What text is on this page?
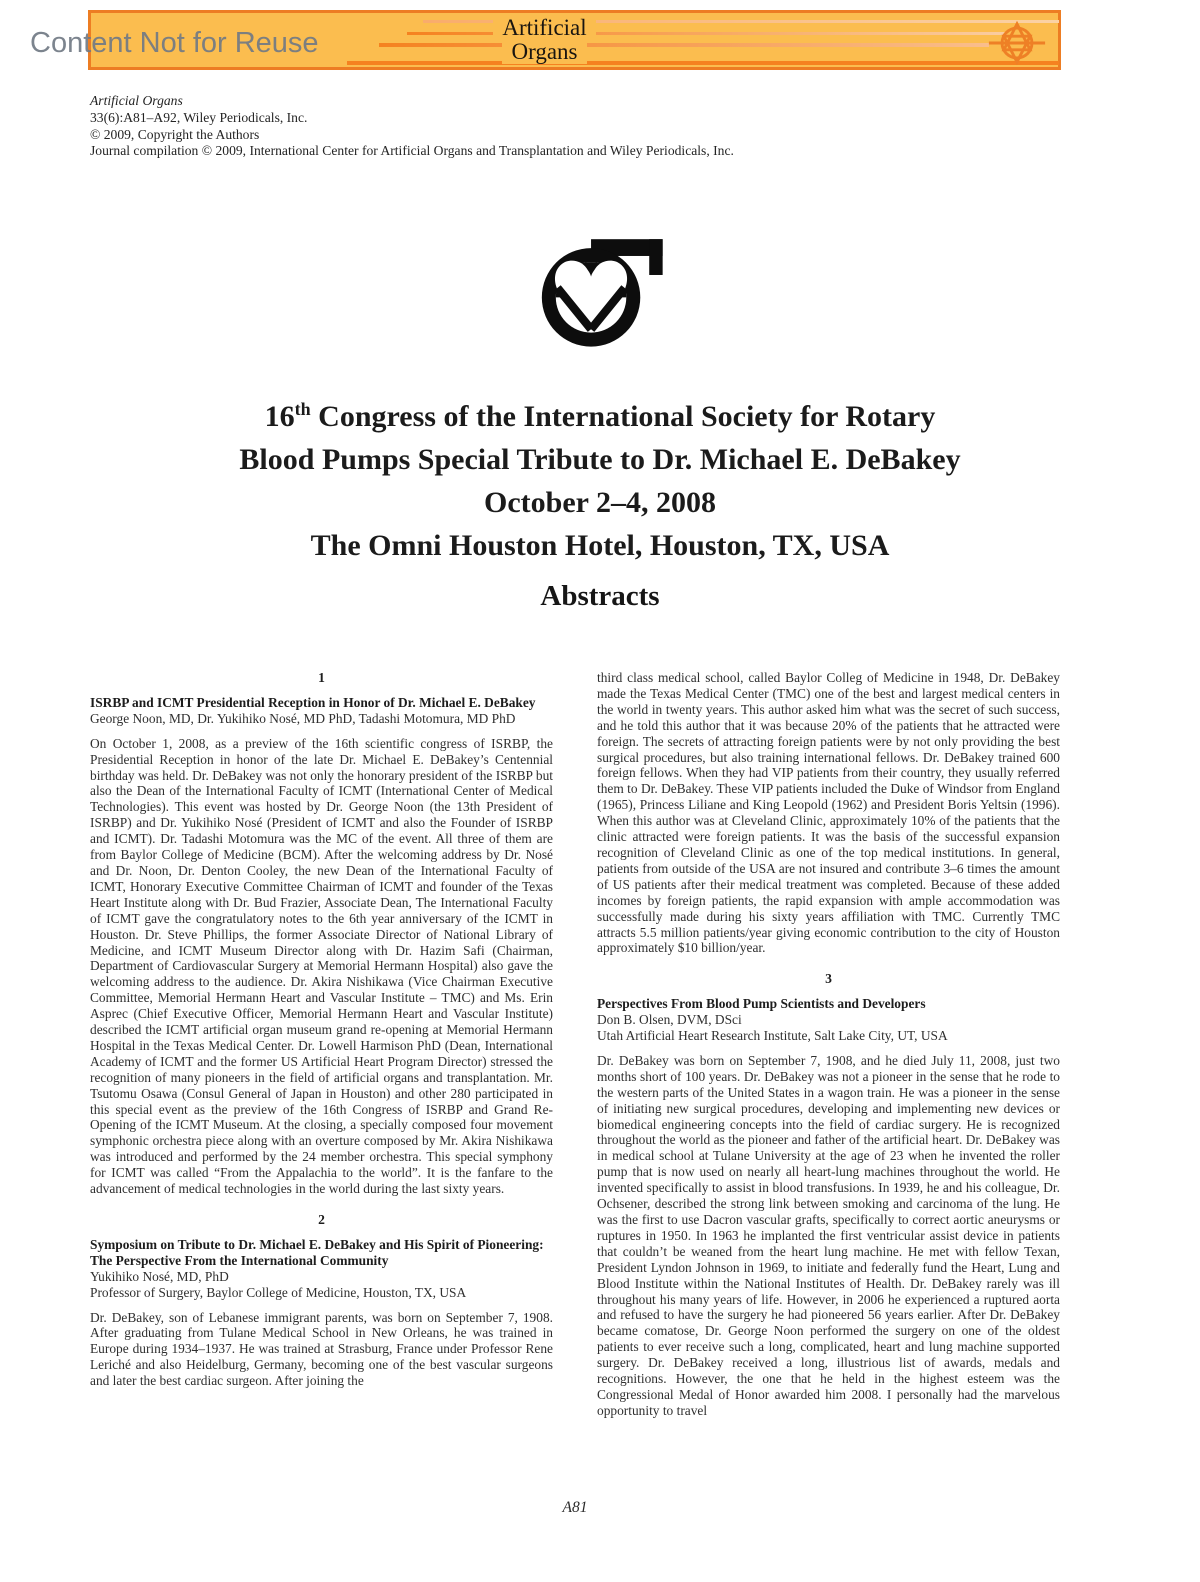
Artificial
Organs
Content Not for Reuse
Artificial Organs
33(6):A81–A92, Wiley Periodicals, Inc.
© 2009, Copyright the Authors
Journal compilation © 2009, International Center for Artificial Organs and Transplantation and Wiley Periodicals, Inc.
16th Congress of the International Society for Rotary
Blood Pumps Special Tribute to Dr. Michael E. DeBakey
October 2–4, 2008
The Omni Houston Hotel, Houston, TX, USA
Abstracts
1
ISRBP and ICMT Presidential Reception in Honor of Dr. Michael E. DeBakey
George Noon, MD, Dr. Yukihiko Nosé, MD PhD, Tadashi Motomura, MD PhD
On October 1, 2008, as a preview of the 16th scientific congress of ISRBP, the Presidential Reception in honor of the late Dr. Michael E. DeBakey’s Centennial birthday was held. Dr. DeBakey was not only the honorary president of the ISRBP but also the Dean of the International Faculty of ICMT (International Center of Medical Technologies). This event was hosted by Dr. George Noon (the 13th President of ISRBP) and Dr. Yukihiko Nosé (President of ICMT and also the Founder of ISRBP and ICMT). Dr. Tadashi Motomura was the MC of the event. All three of them are from Baylor College of Medicine (BCM). After the welcoming address by Dr. Nosé and Dr. Noon, Dr. Denton Cooley, the new Dean of the International Faculty of ICMT, Honorary Executive Committee Chairman of ICMT and founder of the Texas Heart Institute along with Dr. Bud Frazier, Associate Dean, The International Faculty of ICMT gave the congratulatory notes to the 6th year anniversary of the ICMT in Houston. Dr. Steve Phillips, the former Associate Director of National Library of Medicine, and ICMT Museum Director along with Dr. Hazim Safi (Chairman, Department of Cardiovascular Surgery at Memorial Hermann Hospital) also gave the welcoming address to the audience. Dr. Akira Nishikawa (Vice Chairman Executive Committee, Memorial Hermann Heart and Vascular Institute – TMC) and Ms. Erin Asprec (Chief Executive Officer, Memorial Hermann Heart and Vascular Institute) described the ICMT artificial organ museum grand re-opening at Memorial Hermann Hospital in the Texas Medical Center. Dr. Lowell Harmison PhD (Dean, International Academy of ICMT and the former US Artificial Heart Program Director) stressed the recognition of many pioneers in the field of artificial organs and transplantation. Mr. Tsutomu Osawa (Consul General of Japan in Houston) and other 280 participated in this special event as the preview of the 16th Congress of ISRBP and Grand Re-Opening of the ICMT Museum. At the closing, a specially composed four movement symphonic orchestra piece along with an overture composed by Mr. Akira Nishikawa was introduced and performed by the 24 member orchestra. This special symphony for ICMT was called “From the Appalachia to the world”. It is the fanfare to the advancement of medical technologies in the world during the last sixty years.
2
Symposium on Tribute to Dr. Michael E. DeBakey and His Spirit of Pioneering: The Perspective From the International Community
Yukihiko Nosé, MD, PhD
Professor of Surgery, Baylor College of Medicine, Houston, TX, USA
Dr. DeBakey, son of Lebanese immigrant parents, was born on September 7, 1908. After graduating from Tulane Medical School in New Orleans, he was trained in Europe during 1934–1937. He was trained at Strasburg, France under Professor Rene Leriché and also Heidelburg, Germany, becoming one of the best vascular surgeons and later the best cardiac surgeon. After joining the
third class medical school, called Baylor Colleg of Medicine in 1948, Dr. DeBakey made the Texas Medical Center (TMC) one of the best and largest medical centers in the world in twenty years. This author asked him what was the secret of such success, and he told this author that it was because 20% of the patients that he attracted were foreign. The secrets of attracting foreign patients were by not only providing the best surgical procedures, but also training international fellows. Dr. DeBakey trained 600 foreign fellows. When they had VIP patients from their country, they usually referred them to Dr. DeBakey. These VIP patients included the Duke of Windsor from England (1965), Princess Liliane and King Leopold (1962) and President Boris Yeltsin (1996). When this author was at Cleveland Clinic, approximately 10% of the patients that the clinic attracted were foreign patients. It was the basis of the successful expansion recognition of Cleveland Clinic as one of the top medical institutions. In general, patients from outside of the USA are not insured and contribute 3–6 times the amount of US patients after their medical treatment was completed. Because of these added incomes by foreign patients, the rapid expansion with ample accommodation was successfully made during his sixty years affiliation with TMC. Currently TMC attracts 5.5 million patients/year giving economic contribution to the city of Houston approximately $10 billion/year.
3
Perspectives From Blood Pump Scientists and Developers
Don B. Olsen, DVM, DSci
Utah Artificial Heart Research Institute, Salt Lake City, UT, USA
Dr. DeBakey was born on September 7, 1908, and he died July 11, 2008, just two months short of 100 years. Dr. DeBakey was not a pioneer in the sense that he rode to the western parts of the United States in a wagon train. He was a pioneer in the sense of initiating new surgical procedures, developing and implementing new devices or biomedical engineering concepts into the field of cardiac surgery. He is recognized throughout the world as the pioneer and father of the artificial heart. Dr. DeBakey was in medical school at Tulane University at the age of 23 when he invented the roller pump that is now used on nearly all heart-lung machines throughout the world. He invented specifically to assist in blood transfusions. In 1939, he and his colleague, Dr. Ochsener, described the strong link between smoking and carcinoma of the lung. He was the first to use Dacron vascular grafts, specifically to correct aortic aneurysms or ruptures in 1950. In 1963 he implanted the first ventricular assist device in patients that couldn’t be weaned from the heart lung machine. He met with fellow Texan, President Lyndon Johnson in 1969, to initiate and federally fund the Heart, Lung and Blood Institute within the National Institutes of Health. Dr. DeBakey rarely was ill throughout his many years of life. However, in 2006 he experienced a ruptured aorta and refused to have the surgery he had pioneered 56 years earlier. After Dr. DeBakey became comatose, Dr. George Noon performed the surgery on one of the oldest patients to ever receive such a long, complicated, heart and lung machine supported surgery. Dr. DeBakey received a long, illustrious list of awards, medals and recognitions. However, the one that he held in the highest esteem was the Congressional Medal of Honor awarded him 2008. I personally had the marvelous opportunity to travel
A81
